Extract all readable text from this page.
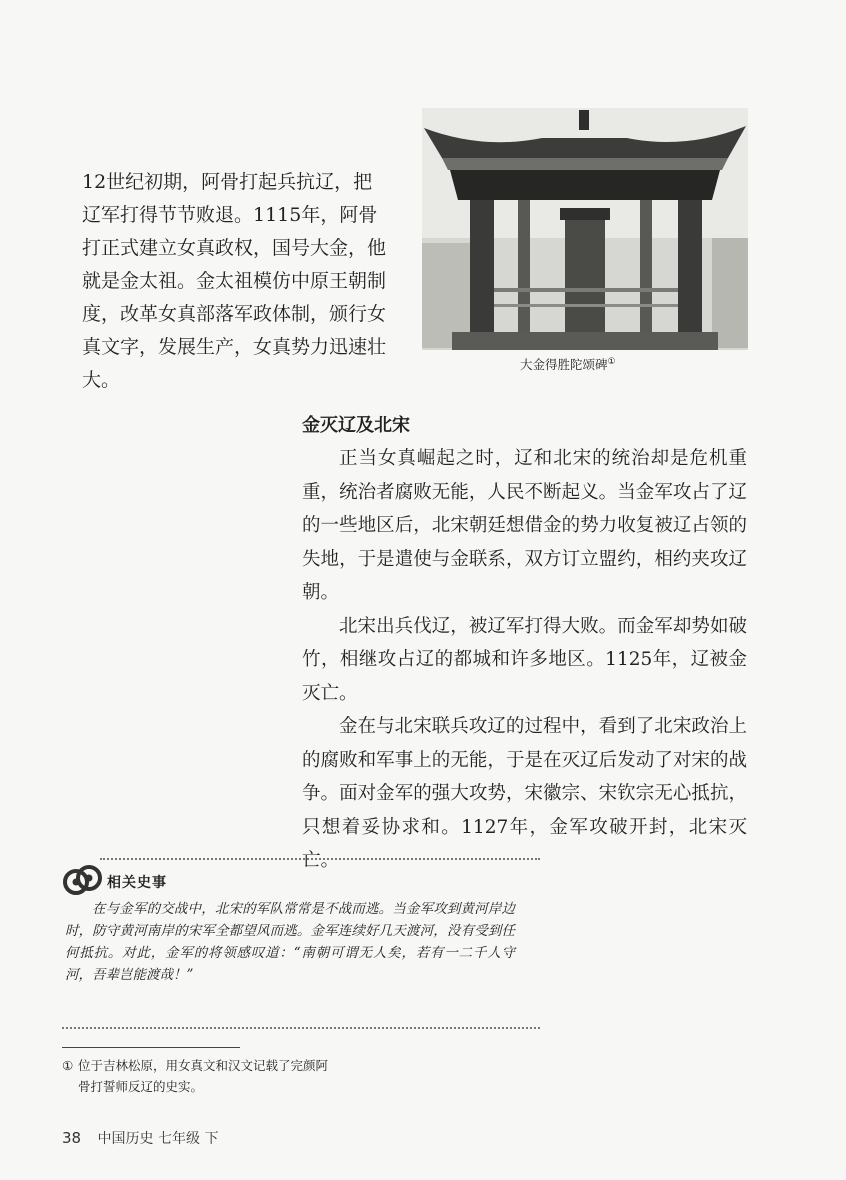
12世纪初期，阿骨打起兵抗辽，把辽军打得节节败退。1115年，阿骨打正式建立女真政权，国号大金，他就是金太祖。金太祖模仿中原王朝制度，改革女真部落军政体制，颁行女真文字，发展生产，女真势力迅速壮大。

大金得胜陀颂碑①
金灭辽及北宋

正当女真崛起之时，辽和北宋的统治却是危机重重，统治者腐败无能，人民不断起义。当金军攻占了辽的一些地区后，北宋朝廷想借金的势力收复被辽占领的失地，于是遣使与金联系，双方订立盟约，相约夹攻辽朝。

北宋出兵伐辽，被辽军打得大败。而金军却势如破竹，相继攻占辽的都城和许多地区。1125年，辽被金灭亡。

金在与北宋联兵攻辽的过程中，看到了北宋政治上的腐败和军事上的无能，于是在灭辽后发动了对宋的战争。面对金军的强大攻势，宋徽宗、宋钦宗无心抵抗，只想着妥协求和。1127年，金军攻破开封，北宋灭亡。

相关史事

在与金军的交战中，北宋的军队常常是不战而逃。当金军攻到黄河岸边时，防守黄河南岸的宋军全都望风而逃。金军连续好几天渡河，没有受到任何抵抗。对此，金军的将领感叹道：“南朝可谓无人矣，若有一二千人守河，吾辈岂能渡哉！”

① 位于吉林松原，用女真文和汉文记载了完颜阿
骨打誓师反辽的史实。
38 中国历史 七年级 下
